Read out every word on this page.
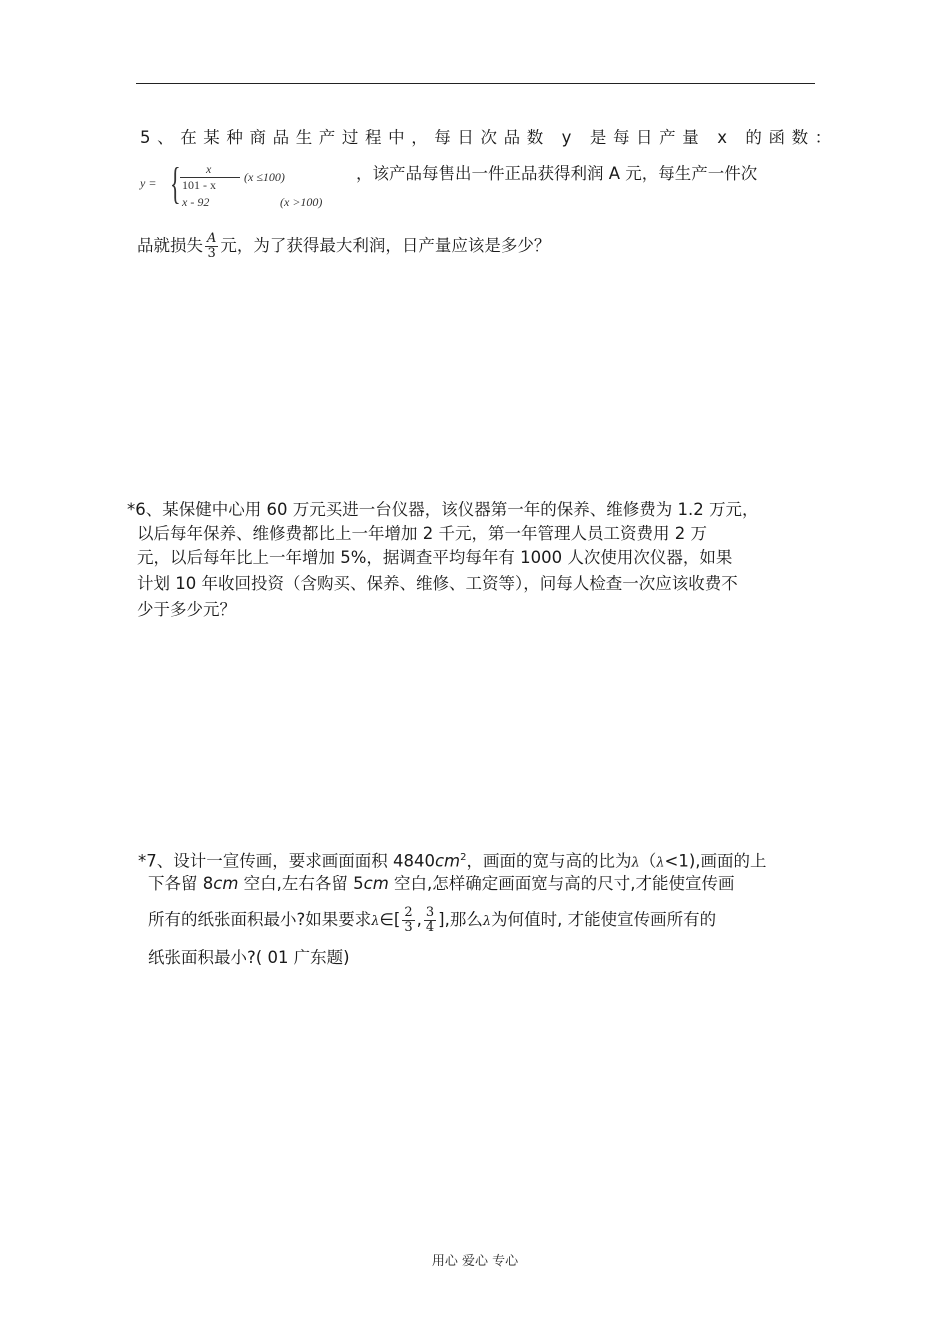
5、在某种商品生产过程中，每日次品数 y 是每日产量 x 的函数：
y = { x
101 - x
(x ≤100)
x - 92	(x >100)
，该产品每售出一件正品获得利润 A 元，每生产一件次
品就损失 $\frac{A}{3}$ 元，为了获得最大利润，日产量应该是多少？
*6、某保健中心用 60 万元买进一台仪器，该仪器第一年的保养、维修费为 1.2 万元，
以后每年保养、维修费都比上一年增加 2 千元，第一年管理人员工资费用 2 万
元，以后每年比上一年增加 5%，据调查平均每年有 1000 人次使用次仪器，如果
计划 10 年收回投资（含购买、保养、维修、工资等），问每人检查一次应该收费不
少于多少元？
*7、设计一宣传画，要求画面面积 $4840cm^2$，画面的宽与高的比为λ（λ<1),画面的上
下各留 8cm 空白,左右各留 5cm 空白,怎样确定画面宽与高的尺寸,才能使宣传画
所有的纸张面积最小?如果要求λ∈[ $\frac{2}{3}$ , $\frac{3}{4}$ ],那么λ为何值时, 才能使宣传画所有的
纸张面积最小?( 01 广东题)
用心 爱心 专心
